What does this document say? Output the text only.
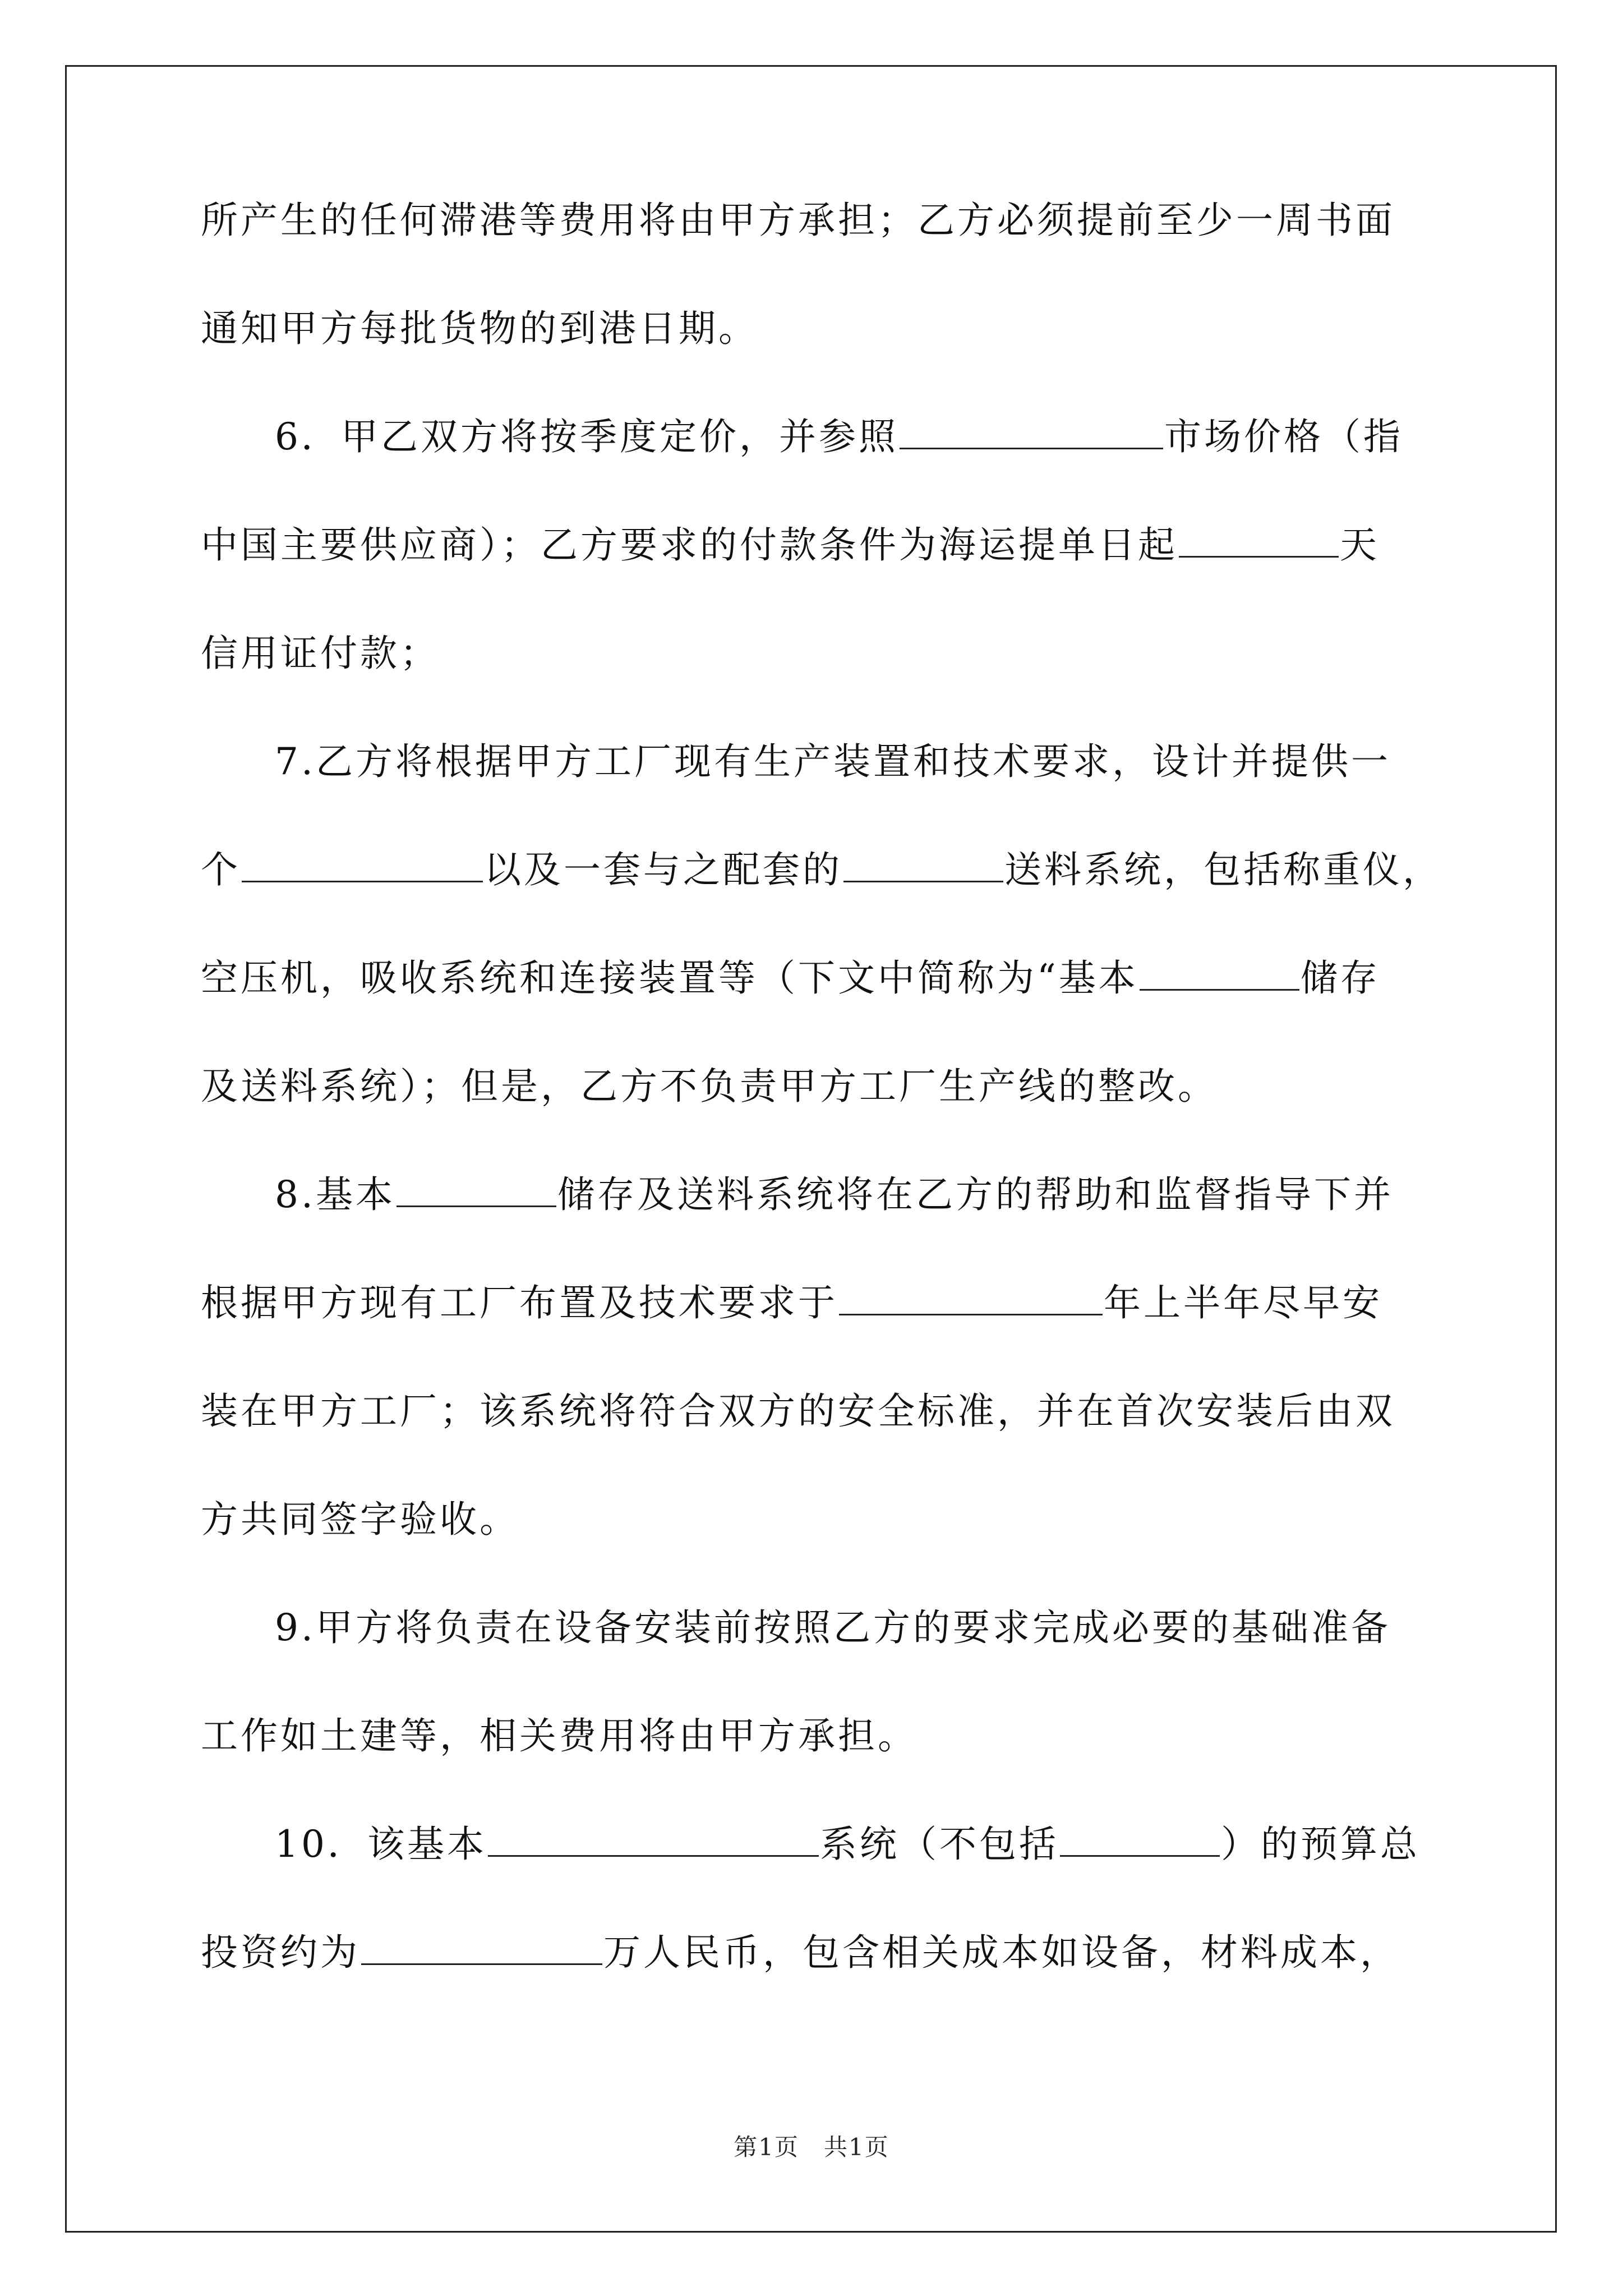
所产生的任何滞港等费用将由甲方承担；乙方必须提前至少一周书面
通知甲方每批货物的到港日期。
6．甲乙双方将按季度定价，并参照	市场价格（指
中国主要供应商）；乙方要求的付款条件为海运提单日起	天
信用证付款；
7.乙方将根据甲方工厂现有生产装置和技术要求，设计并提供一
个	以及一套与之配套的	送料系统，包括称重仪，
空压机，吸收系统和连接装置等（下文中简称为“基本	储存
及送料系统）；但是，乙方不负责甲方工厂生产线的整改。
8.基本	储存及送料系统将在乙方的帮助和监督指导下并
根据甲方现有工厂布置及技术要求于	年上半年尽早安
装在甲方工厂；该系统将符合双方的安全标准，并在首次安装后由双
方共同签字验收。
9.甲方将负责在设备安装前按照乙方的要求完成必要的基础准备
工作如土建等，相关费用将由甲方承担。
10．该基本	系统（不包括	）的预算总
投资约为	万人民币，包含相关成本如设备，材料成本，
第1页　共1页
